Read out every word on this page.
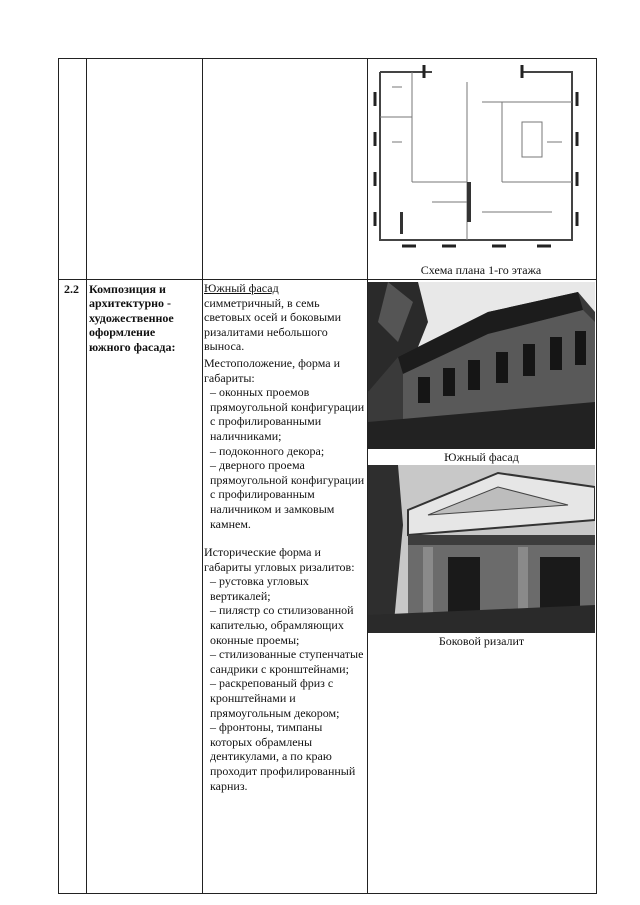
Схема плана 1-го этажа
2.2 Композиция и архитектурно - художественное оформление южного фасада:

Южный фасад

симметричный, в семь световых осей и боковыми ризалитами небольшого выноса.

Местоположение, форма и габариты:

– оконных проемов прямоугольной конфигурации с профилированными наличниками;

– подоконного декора;

– дверного проема прямоугольной конфигурации с профилированным наличником и замковым камнем.

Исторические форма и габариты угловых ризалитов:

– рустовка угловых вертикалей;

– пилястр со стилизованной капителью, обрамляющих оконные проемы;

– стилизованные ступенчатые сандрики с кронштейнами;

– раскрепованый фриз с кронштейнами и прямоугольным декором;

– фронтоны, тимпаны которых обрамлены дентикулами, а по краю проходит профилированный карниз.

Южный фасад
Боковой ризалит
